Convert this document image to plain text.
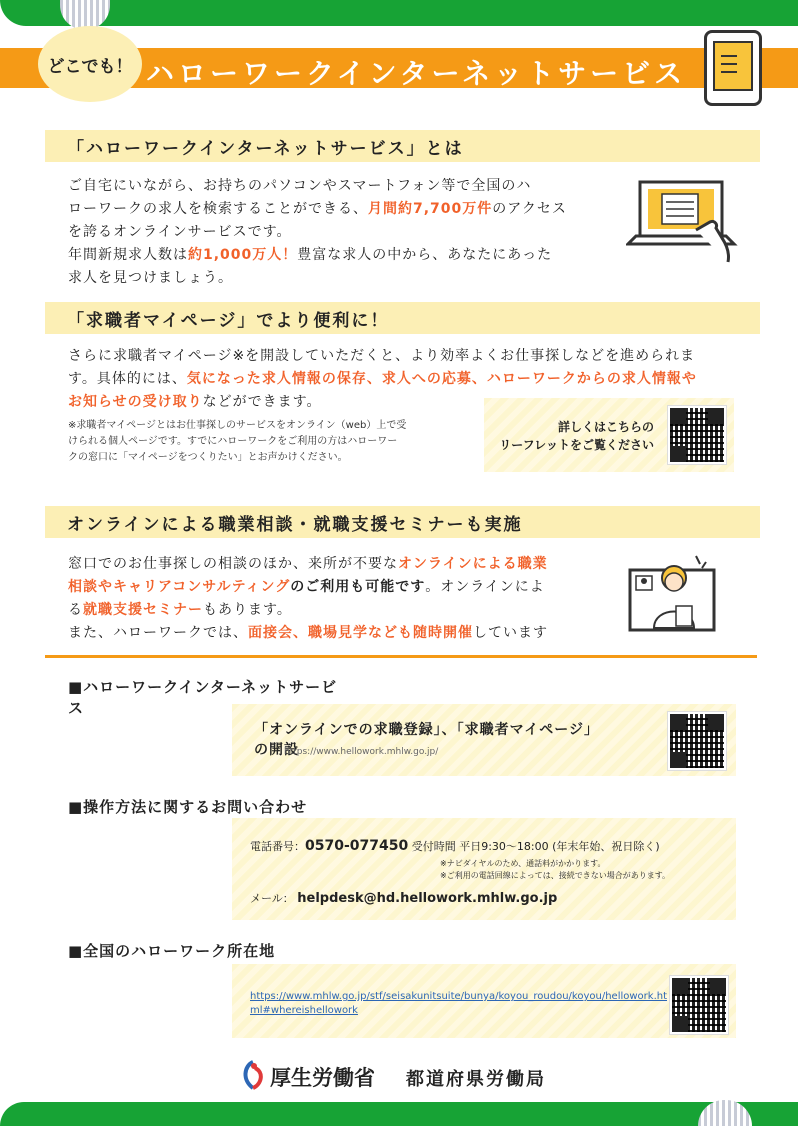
どこでも！ ハローワークインターネットサービス
「ハローワークインターネットサービス」とは
ご自宅にいながら、お持ちのパソコンやスマートフォン等で全国のハ
ローワークの求人を検索することができる、月間約7,700万件のアクセス
を誇るオンラインサービスです。
年間新規求人数は約1,000万人！豊富な求人の中から、あなたにあった
求人を見つけましょう。
「求職者マイページ」でより便利に！
さらに求職者マイページ※を開設していただくと、より効率よくお仕事探しなどを進められま
す。具体的には、気になった求人情報の保存、求人への応募、ハローワークからの求人情報や
お知らせの受け取りなどができます。
※求職者マイページとはお仕事探しのサービスをオンライン（web）上で受
けられる個人ページです。すでにハローワークをご利用の方はハローワー
クの窓口に「マイページをつくりたい」とお声かけください。
詳しくはこちらの
リーフレットをご覧ください
オンラインによる職業相談・就職支援セミナーも実施
窓口でのお仕事探しの相談のほか、来所が不要なオンラインによる職業
相談やキャリアコンサルティングのご利用も可能です。オンラインによ
る就職支援セミナーもあります。
また、ハローワークでは、面接会、職場見学なども随時開催しています
■ハローワークインターネットサービ
ス
「オンラインでの求職登録」、「求職者マイページ」
の開設
https://www.hellowork.mhlw.go.jp/
■操作方法に関するお問い合わせ
電話番号：0570-077450 受付時間 平日9:30〜18:00 (年末年始、祝日除く)
※ナビダイヤルのため、通話料がかかります。
※ご利用の電話回線によっては、接続できない場合があります。
メール： helpdesk@hd.hellowork.mhlw.go.jp
■全国のハローワーク所在地
https://www.mhlw.go.jp/stf/seisakunitsuite/bunya/koyou_roudou/koyou/hellowork.ht
ml#whereishellowork
厚生労働省 都道府県労働局
